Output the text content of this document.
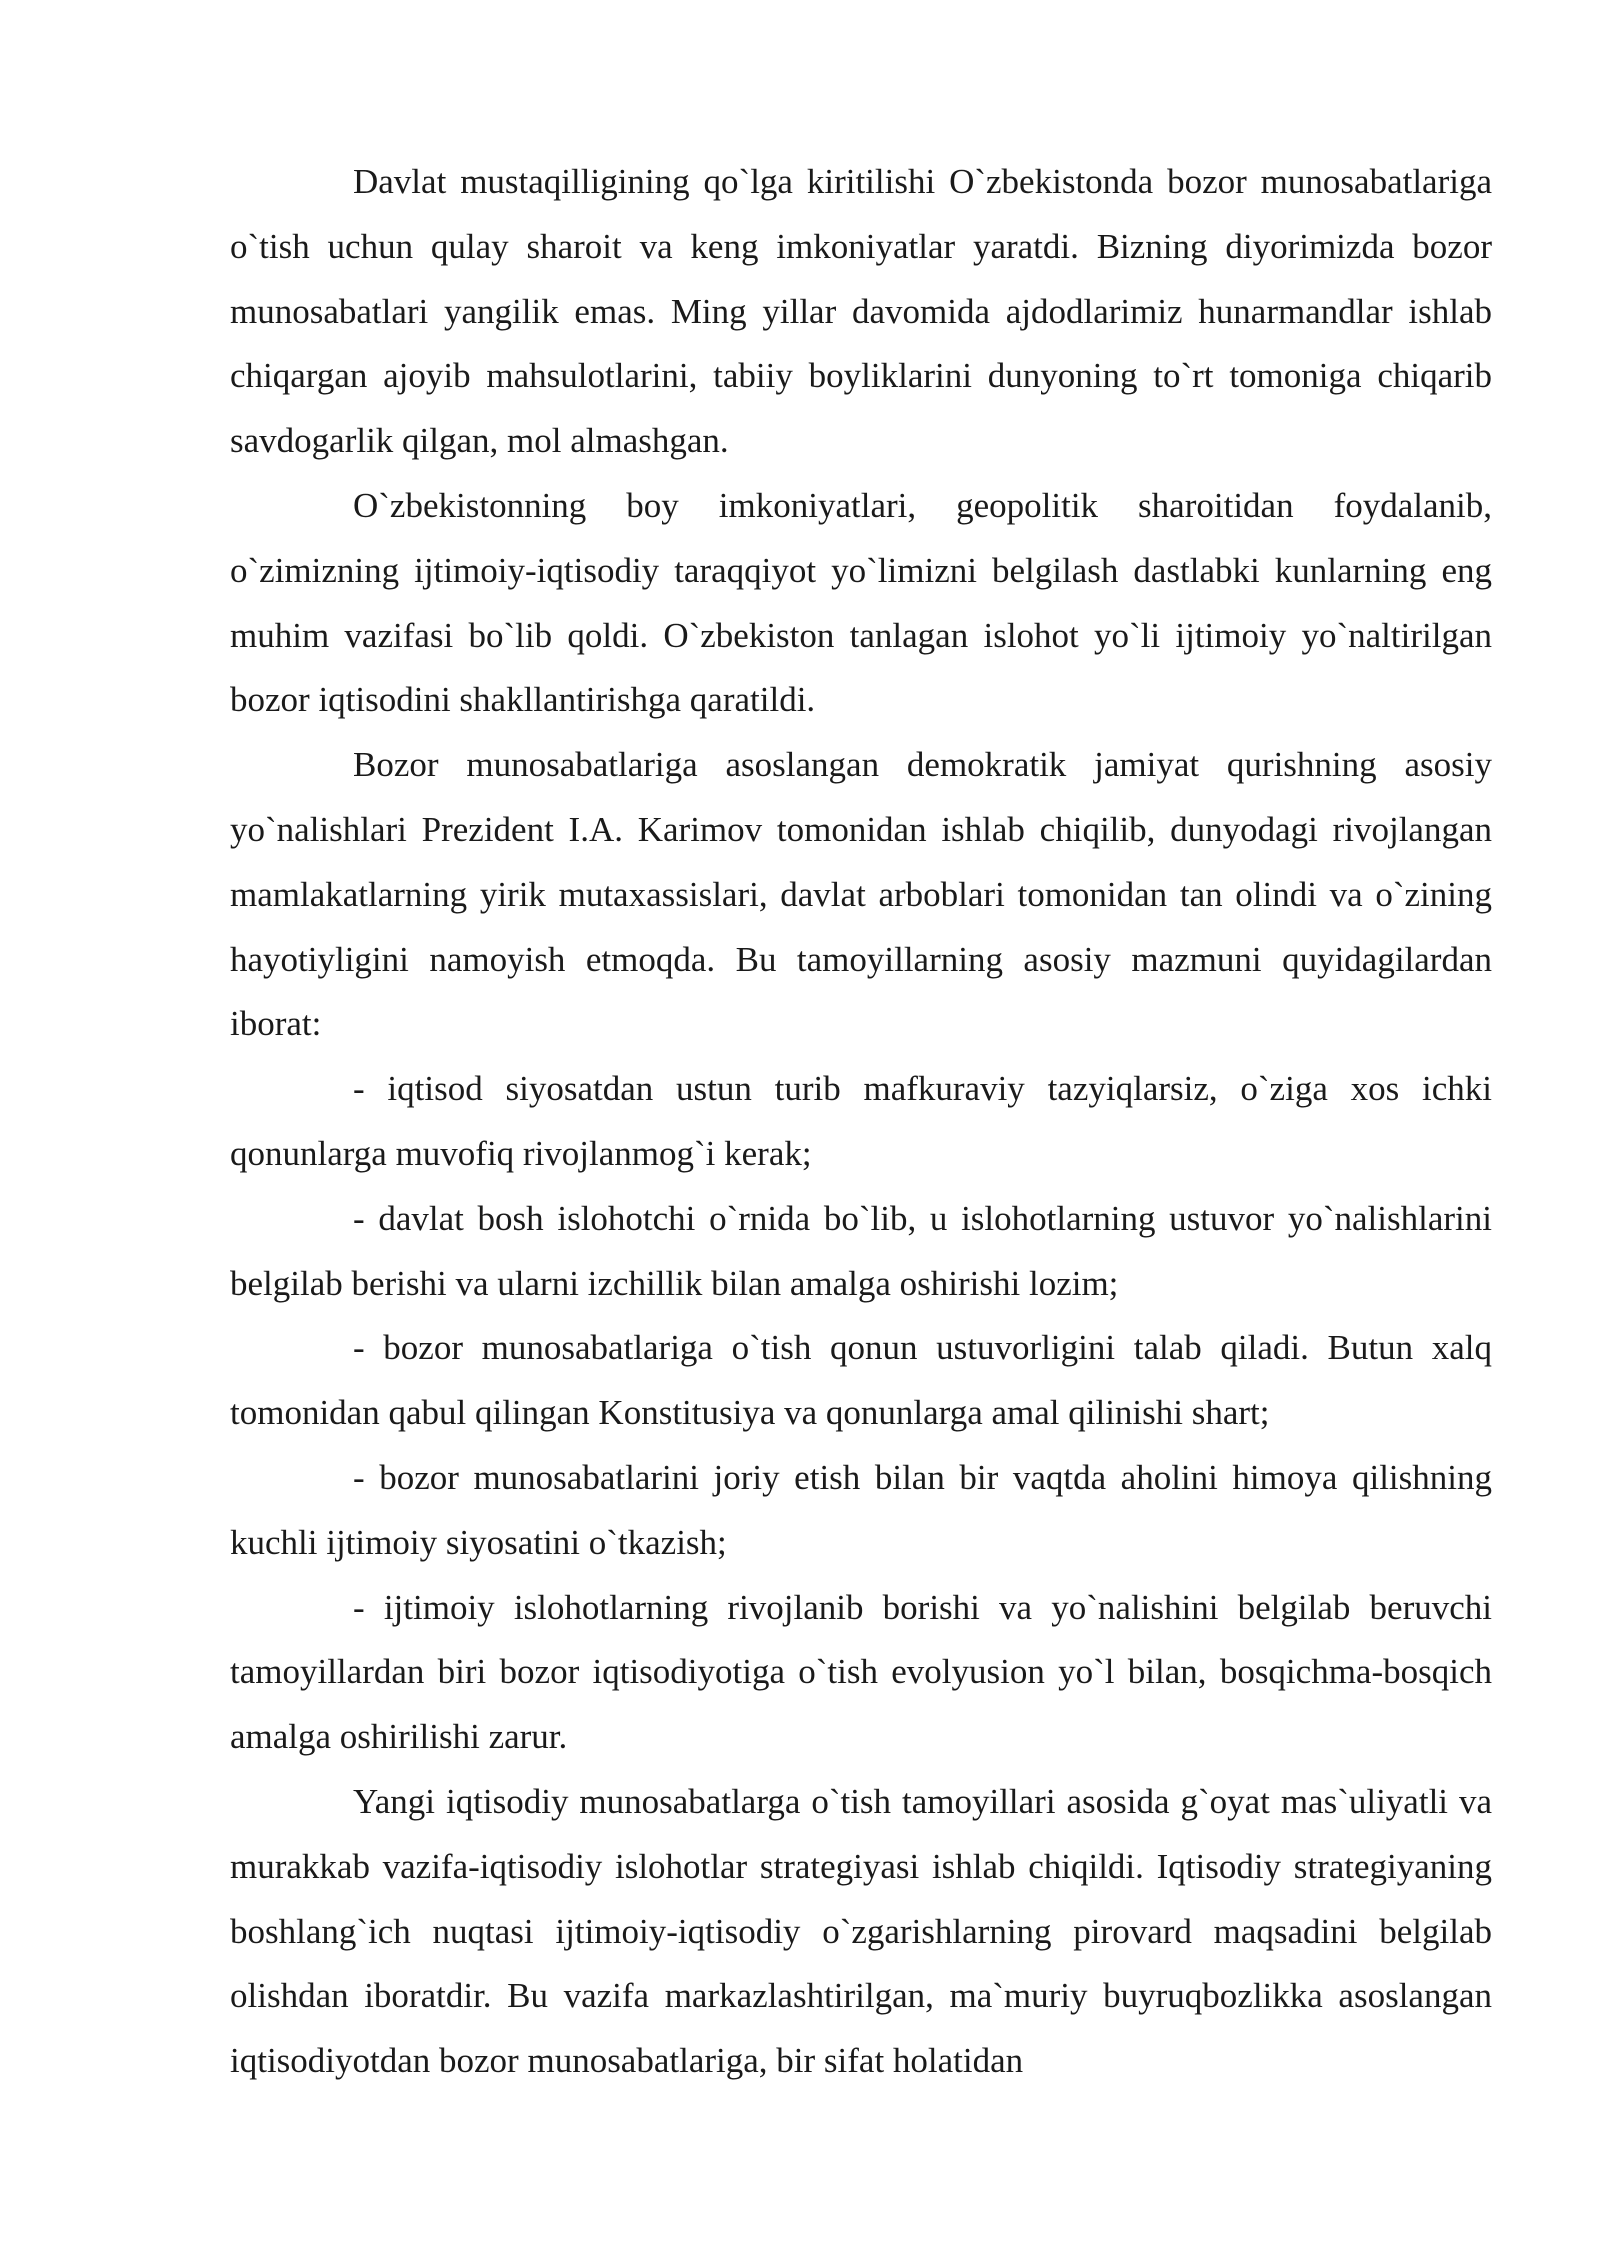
Davlat mustaqilligining qo`lga kiritilishi O`zbekistonda bozor munosabatlariga o`tish uchun qulay sharoit va keng imkoniyatlar yaratdi. Bizning diyorimizda bozor munosabatlari yangilik emas. Ming yillar davomida ajdodlarimiz hunarmandlar ishlab chiqargan ajoyib mahsulotlarini, tabiiy boyliklarini dunyoning to`rt tomoniga chiqarib savdogarlik qilgan, mol almashgan.

O`zbekistonning boy imkoniyatlari, geopolitik sharoitidan foydalanib, o`zimizning ijtimoiy-iqtisodiy taraqqiyot yo`limizni belgilash dastlabki kunlarning eng muhim vazifasi bo`lib qoldi. O`zbekiston tanlagan islohot yo`li ijtimoiy yo`naltirilgan bozor iqtisodini shakllantirishga qaratildi.

Bozor munosabatlariga asoslangan demokratik jamiyat qurishning asosiy yo`nalishlari Prezident I.A. Karimov tomonidan ishlab chiqilib, dunyodagi rivojlangan mamlakatlarning yirik mutaxassislari, davlat arboblari tomonidan tan olindi va o`zining hayotiyligini namoyish etmoqda. Bu tamoyillarning asosiy mazmuni quyidagilardan iborat:

- iqtisod siyosatdan ustun turib mafkuraviy tazyiqlarsiz, o`ziga xos ichki qonunlarga muvofiq rivojlanmog`i kerak;

- davlat bosh islohotchi o`rnida bo`lib, u islohotlarning ustuvor yo`nalishlarini belgilab berishi va ularni izchillik bilan amalga oshirishi lozim;

- bozor munosabatlariga o`tish qonun ustuvorligini talab qiladi. Butun xalq tomonidan qabul qilingan Konstitusiya va qonunlarga amal qilinishi shart;

- bozor munosabatlarini joriy etish bilan bir vaqtda aholini himoya qilishning kuchli ijtimoiy siyosatini o`tkazish;

- ijtimoiy islohotlarning rivojlanib borishi va yo`nalishini belgilab beruvchi tamoyillardan biri bozor iqtisodiyotiga o`tish evolyusion yo`l bilan, bosqichma-bosqich amalga oshirilishi zarur.

Yangi iqtisodiy munosabatlarga o`tish tamoyillari asosida g`oyat mas`uliyatli va murakkab vazifa-iqtisodiy islohotlar strategiyasi ishlab chiqildi. Iqtisodiy strategiyaning boshlang`ich nuqtasi ijtimoiy-iqtisodiy o`zgarishlarning pirovard maqsadini belgilab olishdan iboratdir. Bu vazifa markazlashtirilgan, ma`muriy buyruqbozlikka asoslangan iqtisodiyotdan bozor munosabatlariga, bir sifat holatidan
